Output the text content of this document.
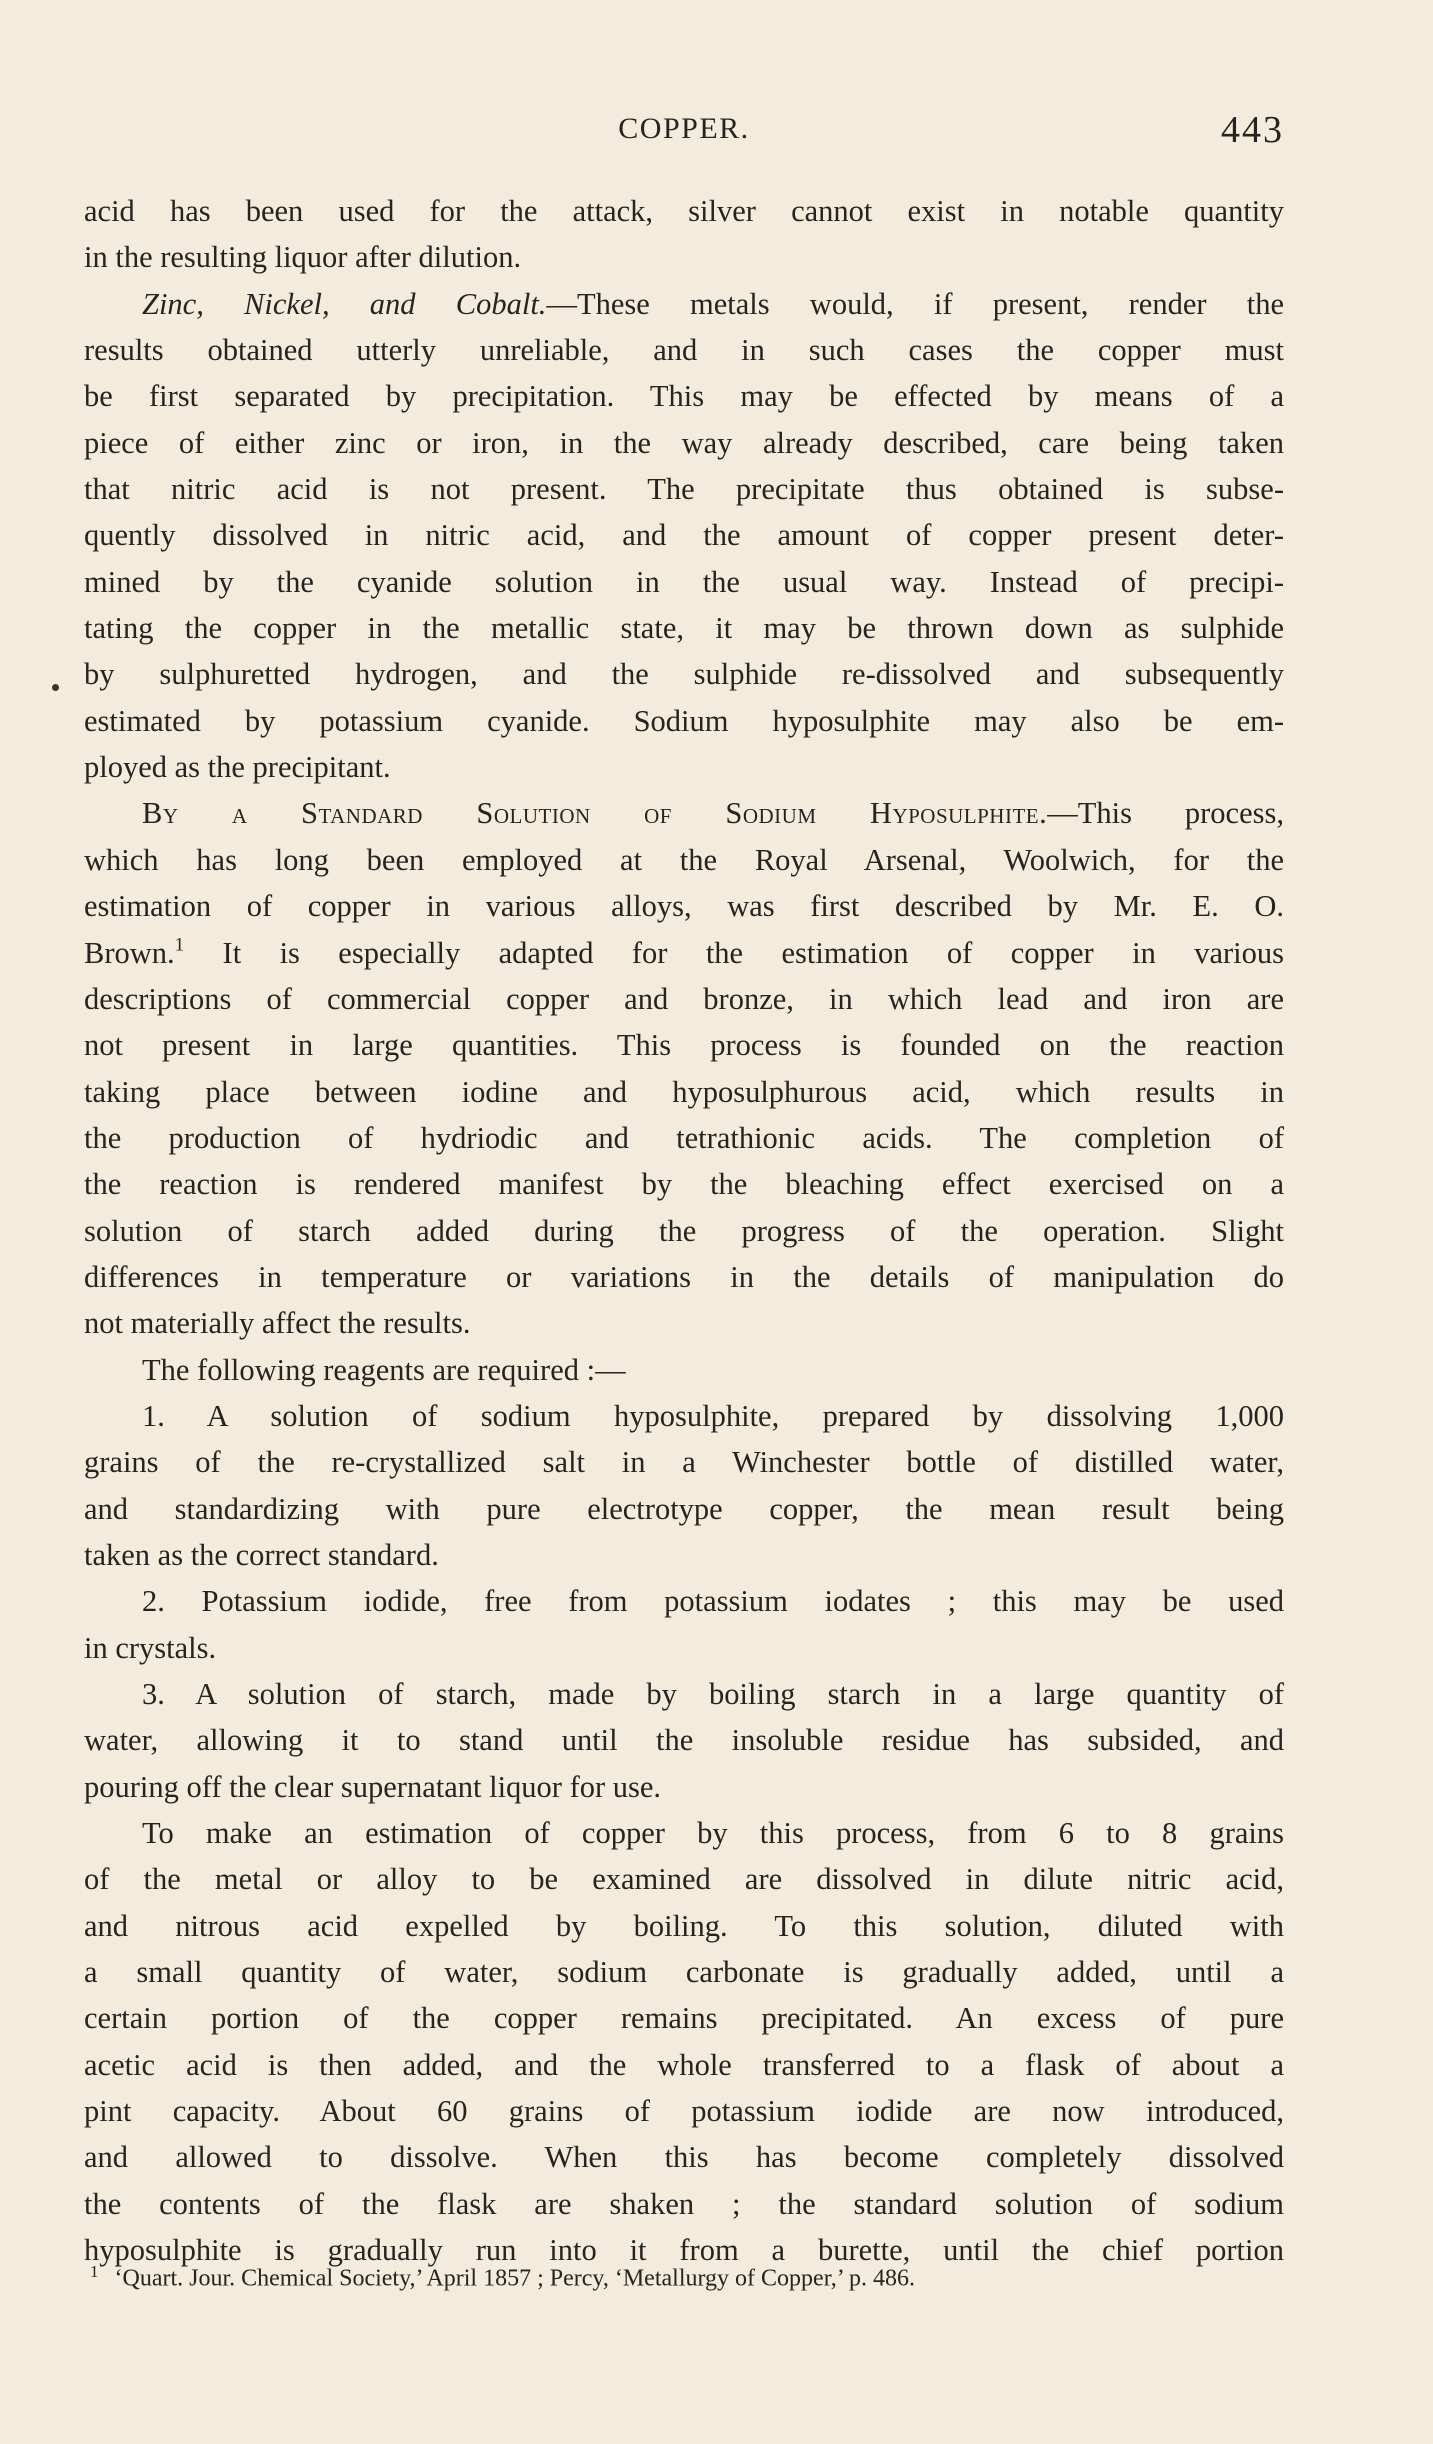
COPPER.	443
acid has been used for the attack, silver cannot exist in notable quantity
in the resulting liquor after dilution.
Zinc, Nickel, and Cobalt.—These metals would, if present, render the
results obtained utterly unreliable, and in such cases the copper must
be first separated by precipitation. This may be effected by means of a
piece of either zinc or iron, in the way already described, care being taken
that nitric acid is not present. The precipitate thus obtained is subse-
quently dissolved in nitric acid, and the amount of copper present deter-
mined by the cyanide solution in the usual way. Instead of precipi-
tating the copper in the metallic state, it may be thrown down as sulphide
by sulphuretted hydrogen, and the sulphide re-dissolved and subsequently
estimated by potassium cyanide. Sodium hyposulphite may also be em-
ployed as the precipitant.
By a Standard Solution of Sodium Hyposulphite.—This process,
which has long been employed at the Royal Arsenal, Woolwich, for the
estimation of copper in various alloys, was first described by Mr. E. O.
Brown.$^1$ It is especially adapted for the estimation of copper in various
descriptions of commercial copper and bronze, in which lead and iron are
not present in large quantities. This process is founded on the reaction
taking place between iodine and hyposulphurous acid, which results in
the production of hydriodic and tetrathionic acids. The completion of
the reaction is rendered manifest by the bleaching effect exercised on a
solution of starch added during the progress of the operation. Slight
differences in temperature or variations in the details of manipulation do
not materially affect the results.
The following reagents are required :—
1. A solution of sodium hyposulphite, prepared by dissolving 1,000
grains of the re-crystallized salt in a Winchester bottle of distilled water,
and standardizing with pure electrotype copper, the mean result being
taken as the correct standard.
2. Potassium iodide, free from potassium iodates ; this may be used
in crystals.
3. A solution of starch, made by boiling starch in a large quantity of
water, allowing it to stand until the insoluble residue has subsided, and
pouring off the clear supernatant liquor for use.
To make an estimation of copper by this process, from 6 to 8 grains
of the metal or alloy to be examined are dissolved in dilute nitric acid,
and nitrous acid expelled by boiling. To this solution, diluted with
a small quantity of water, sodium carbonate is gradually added, until a
certain portion of the copper remains precipitated. An excess of pure
acetic acid is then added, and the whole transferred to a flask of about a
pint capacity. About 60 grains of potassium iodide are now introduced,
and allowed to dissolve. When this has become completely dissolved
the contents of the flask are shaken ; the standard solution of sodium
hyposulphite is gradually run into it from a burette, until the chief portion
$^1$ ‘Quart. Jour. Chemical Society,’ April 1857 ; Percy, ‘Metallurgy of Copper,’ p. 486.
